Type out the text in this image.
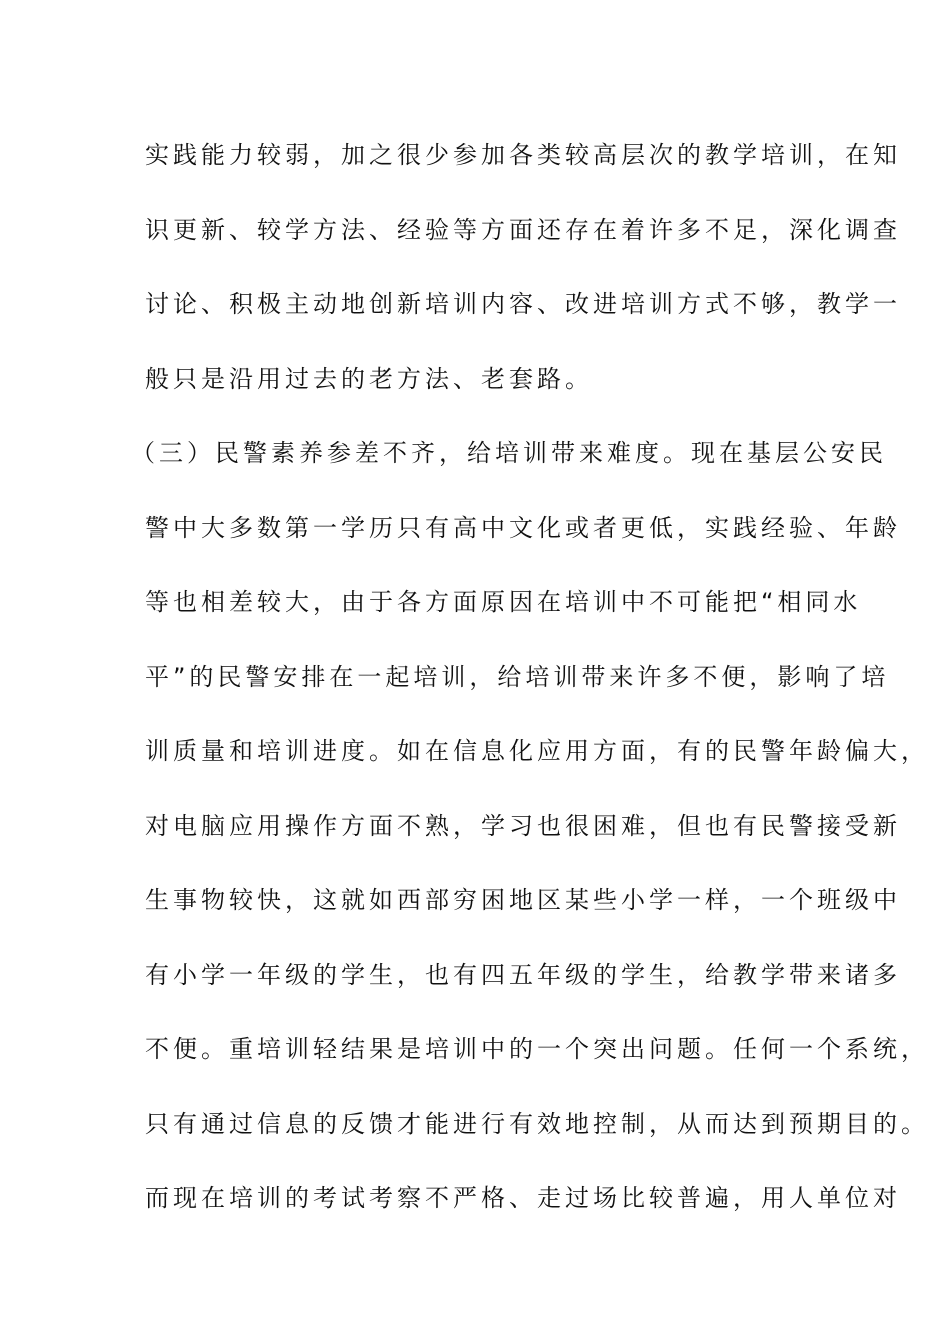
实践能力较弱，加之很少参加各类较高层次的教学培训，在知
识更新、较学方法、经验等方面还存在着许多不足，深化调查
讨论、积极主动地创新培训内容、改进培训方式不够，教学一
般只是沿用过去的老方法、老套路。
（三）民警素养参差不齐，给培训带来难度。现在基层公安民
警中大多数第一学历只有高中文化或者更低，实践经验、年龄
等也相差较大，由于各方面原因在培训中不可能把“相同水
平”的民警安排在一起培训，给培训带来许多不便，影响了培
训质量和培训进度。如在信息化应用方面，有的民警年龄偏大，
对电脑应用操作方面不熟，学习也很困难，但也有民警接受新
生事物较快，这就如西部穷困地区某些小学一样，一个班级中
有小学一年级的学生，也有四五年级的学生，给教学带来诸多
不便。重培训轻结果是培训中的一个突出问题。任何一个系统，
只有通过信息的反馈才能进行有效地控制，从而达到预期目的。
而现在培训的考试考察不严格、走过场比较普遍，用人单位对
